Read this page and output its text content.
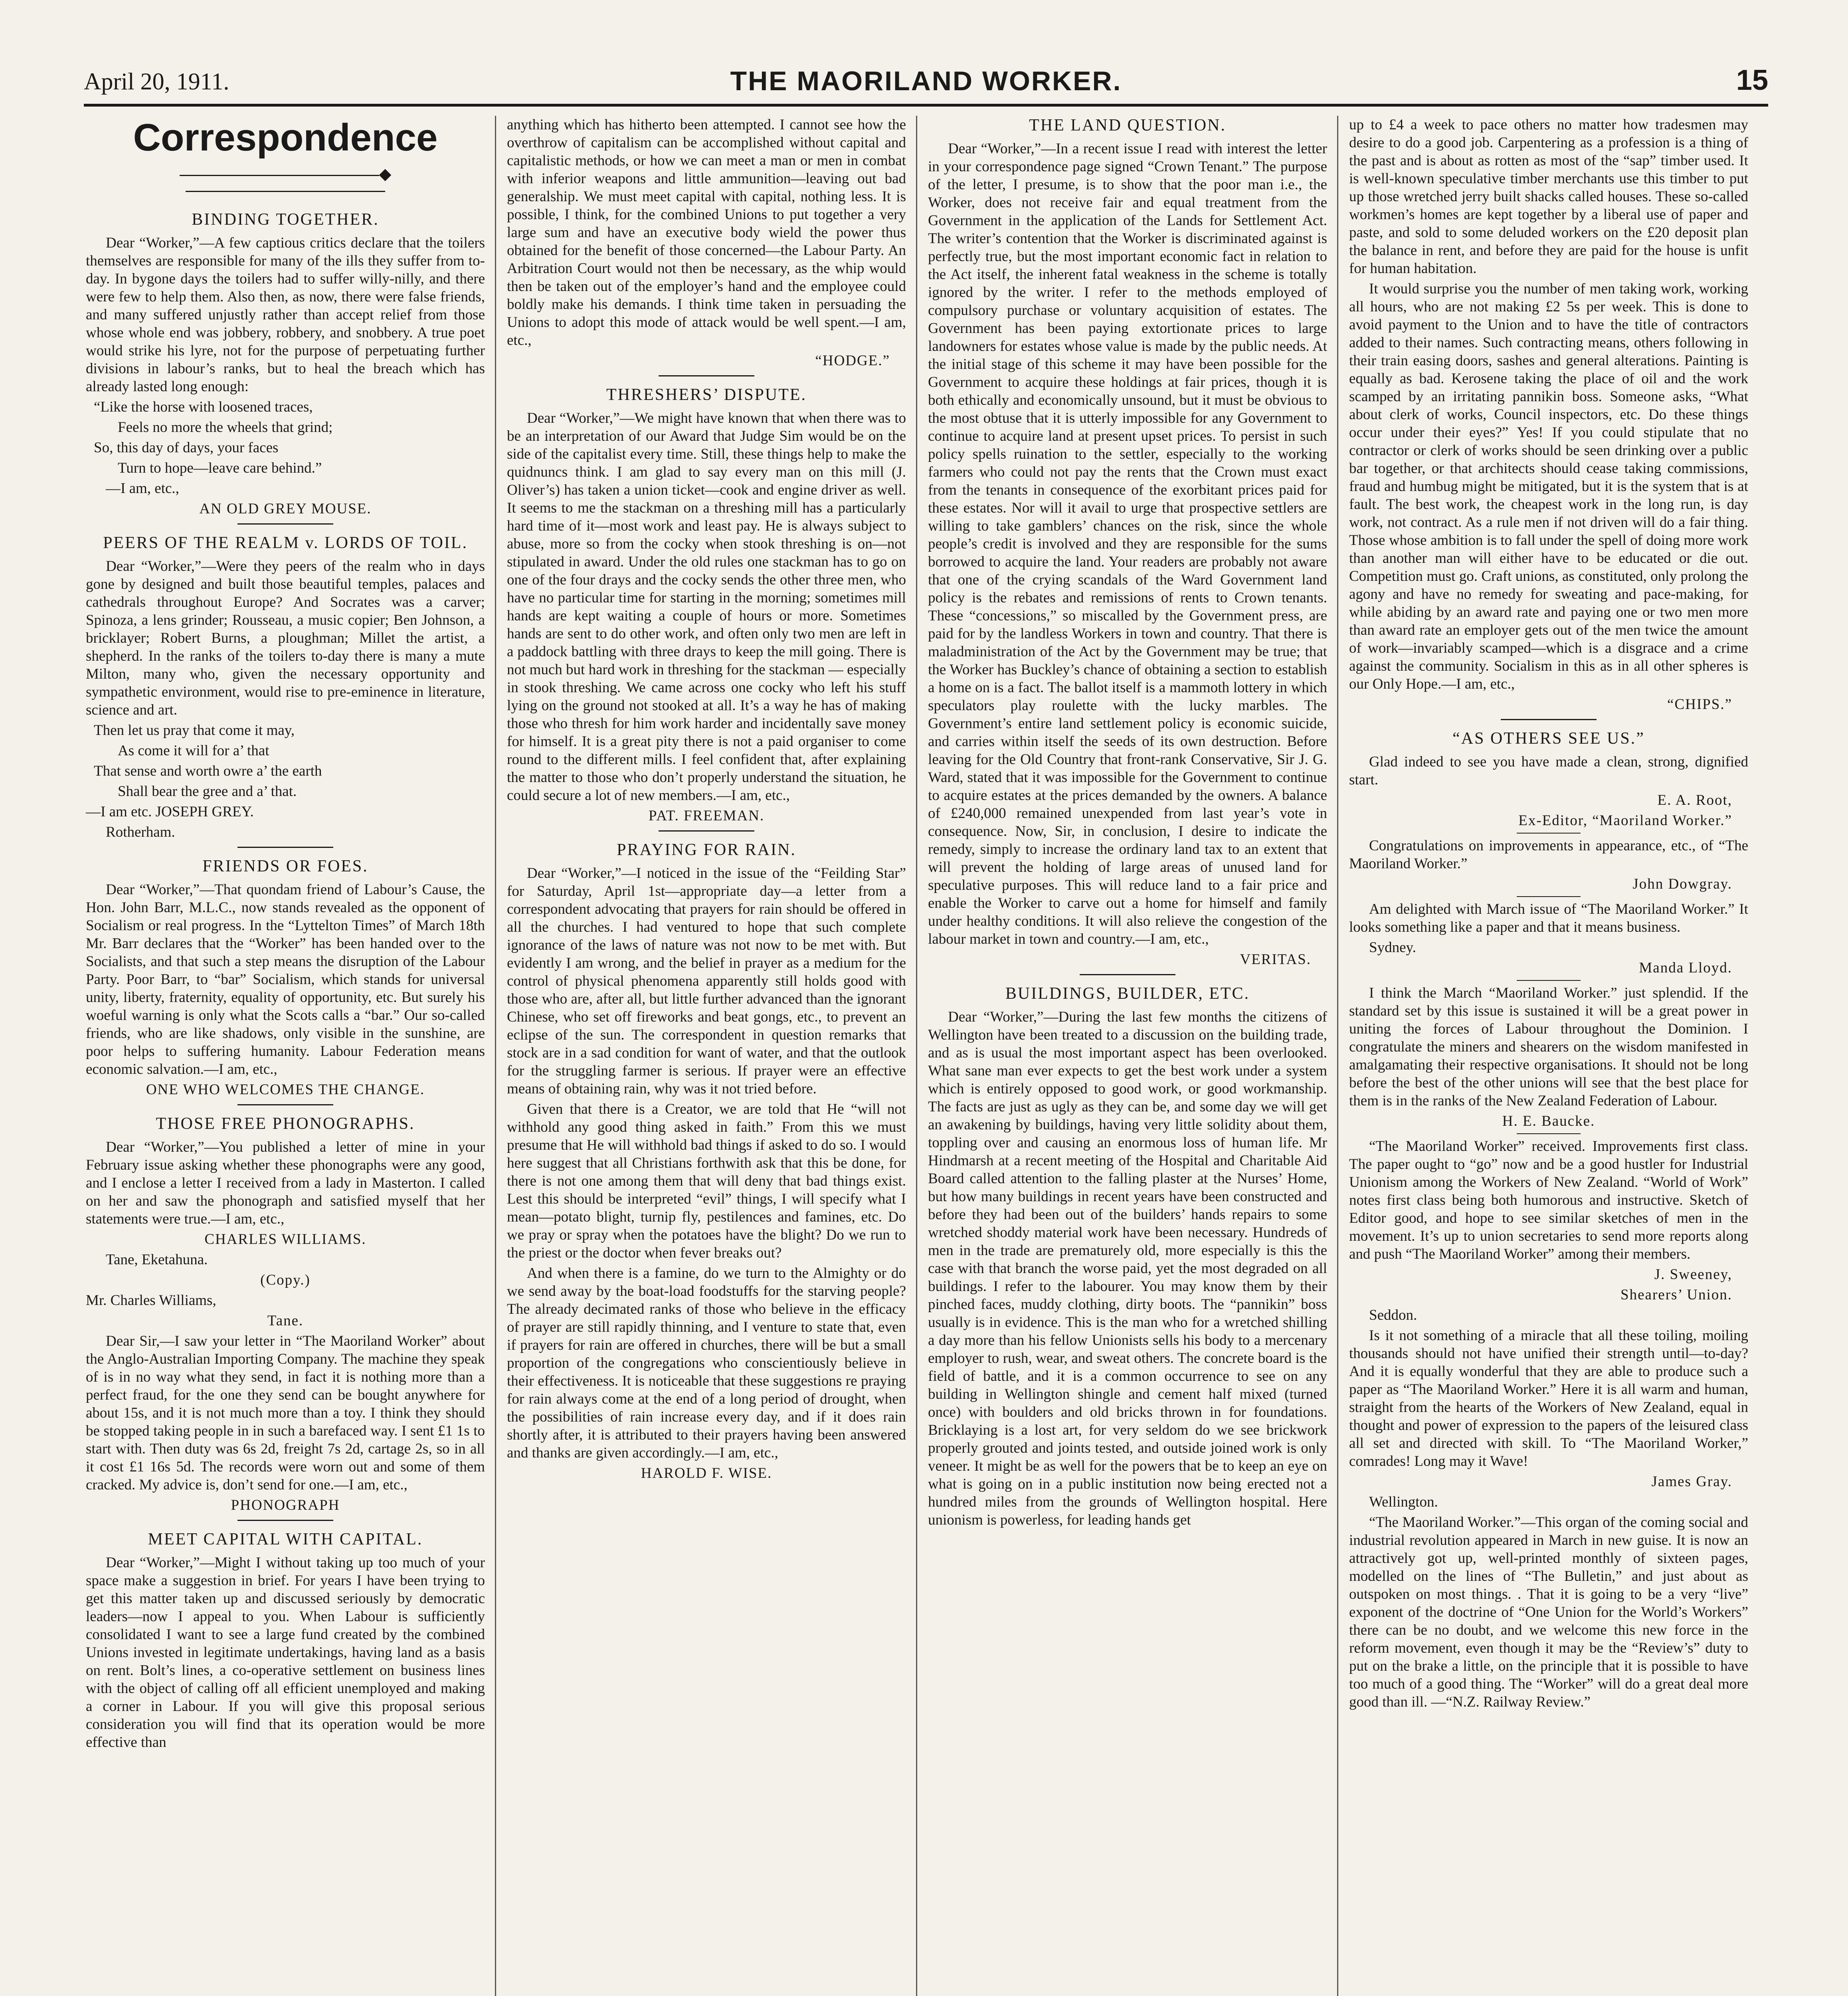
April 20, 1911.	THE MAORILAND WORKER.	15
Correspondence
◆
BINDING TOGETHER.

Dear “Worker,”—A few captious critics declare that the toilers themselves are responsible for many of the ills they suffer from to-day. In bygone days the toilers had to suffer willy-nilly, and there were few to help them. Also then, as now, there were false friends, and many suffered unjustly rather than accept relief from those whose whole end was jobbery, robbery, and snobbery. A true poet would strike his lyre, not for the purpose of perpetuating further divisions in labour’s ranks, but to heal the breach which has already lasted long enough:

“Like the horse with loosened traces,

Feels no more the wheels that grind;

So, this day of days, your faces

Turn to hope—leave care behind.”

—I am, etc.,

AN OLD GREY MOUSE.

PEERS OF THE REALM v. LORDS OF TOIL.

Dear “Worker,”—Were they peers of the realm who in days gone by designed and built those beautiful temples, palaces and cathedrals throughout Europe? And Socrates was a carver; Spinoza, a lens grinder; Rousseau, a music copier; Ben Johnson, a bricklayer; Robert Burns, a ploughman; Millet the artist, a shepherd. In the ranks of the toilers to-day there is many a mute Milton, many who, given the necessary opportunity and sympathetic environment, would rise to pre-eminence in literature, science and art.

Then let us pray that come it may,

As come it will for a’ that

That sense and worth owre a’ the earth

Shall bear the gree and a’ that.

—I am etc. JOSEPH GREY.

Rotherham.

FRIENDS OR FOES.

Dear “Worker,”—That quondam friend of Labour’s Cause, the Hon. John Barr, M.L.C., now stands revealed as the opponent of Socialism or real progress. In the “Lyttelton Times” of March 18th Mr. Barr declares that the “Worker” has been handed over to the Socialists, and that such a step means the disruption of the Labour Party. Poor Barr, to “bar” Socialism, which stands for universal unity, liberty, fraternity, equality of opportunity, etc. But surely his woeful warning is only what the Scots calls a “bar.” Our so-called friends, who are like shadows, only visible in the sunshine, are poor helps to suffering humanity. Labour Federation means economic salvation.—I am, etc.,

ONE WHO WELCOMES THE CHANGE.

THOSE FREE PHONOGRAPHS.

Dear “Worker,”—You published a letter of mine in your February issue asking whether these phonographs were any good, and I enclose a letter I received from a lady in Masterton. I called on her and saw the phonograph and satisfied myself that her statements were true.—I am, etc.,

CHARLES WILLIAMS.

Tane, Eketahuna.

(Copy.)

Mr. Charles Williams,

Tane.

Dear Sir,—I saw your letter in “The Maoriland Worker” about the Anglo-Australian Importing Company. The machine they speak of is in no way what they send, in fact it is nothing more than a perfect fraud, for the one they send can be bought anywhere for about 15s, and it is not much more than a toy. I think they should be stopped taking people in in such a barefaced way. I sent £1 1s to start with. Then duty was 6s 2d, freight 7s 2d, cartage 2s, so in all it cost £1 16s 5d. The records were worn out and some of them cracked. My advice is, don’t send for one.—I am, etc.,

PHONOGRAPH

MEET CAPITAL WITH CAPITAL.

Dear “Worker,”—Might I without taking up too much of your space make a suggestion in brief. For years I have been trying to get this matter taken up and discussed seriously by democratic leaders—now I appeal to you. When Labour is sufficiently consolidated I want to see a large fund created by the combined Unions invested in legitimate undertakings, having land as a basis on rent. Bolt’s lines, a co-operative settlement on business lines with the object of calling off all efficient unemployed and making a corner in Labour. If you will give this proposal serious consideration you will find that its operation would be more effective than

anything which has hitherto been attempted. I cannot see how the overthrow of capitalism can be accomplished without capital and capitalistic methods, or how we can meet a man or men in combat with inferior weapons and little ammunition—leaving out bad generalship. We must meet capital with capital, nothing less. It is possible, I think, for the combined Unions to put together a very large sum and have an executive body wield the power thus obtained for the benefit of those concerned—the Labour Party. An Arbitration Court would not then be necessary, as the whip would then be taken out of the employer’s hand and the employee could boldly make his demands. I think time taken in persuading the Unions to adopt this mode of attack would be well spent.—I am, etc.,

“HODGE.”

THRESHERS’ DISPUTE.

Dear “Worker,”—We might have known that when there was to be an interpretation of our Award that Judge Sim would be on the side of the capitalist every time. Still, these things help to make the quidnuncs think. I am glad to say every man on this mill (J. Oliver’s) has taken a union ticket—cook and engine driver as well. It seems to me the stackman on a threshing mill has a particularly hard time of it—most work and least pay. He is always subject to abuse, more so from the cocky when stook threshing is on—not stipulated in award. Under the old rules one stackman has to go on one of the four drays and the cocky sends the other three men, who have no particular time for starting in the morning; sometimes mill hands are kept waiting a couple of hours or more. Sometimes hands are sent to do other work, and often only two men are left in a paddock battling with three drays to keep the mill going. There is not much but hard work in threshing for the stackman — especially in stook threshing. We came across one cocky who left his stuff lying on the ground not stooked at all. It’s a way he has of making those who thresh for him work harder and incidentally save money for himself. It is a great pity there is not a paid organiser to come round to the different mills. I feel confident that, after explaining the matter to those who don’t properly understand the situation, he could secure a lot of new members.—I am, etc.,

PAT. FREEMAN.

PRAYING FOR RAIN.

Dear “Worker,”—I noticed in the issue of the “Feilding Star” for Saturday, April 1st—appropriate day—a letter from a correspondent advocating that prayers for rain should be offered in all the churches. I had ventured to hope that such complete ignorance of the laws of nature was not now to be met with. But evidently I am wrong, and the belief in prayer as a medium for the control of physical phenomena apparently still holds good with those who are, after all, but little further advanced than the ignorant Chinese, who set off fireworks and beat gongs, etc., to prevent an eclipse of the sun. The correspondent in question remarks that stock are in a sad condition for want of water, and that the outlook for the struggling farmer is serious. If prayer were an effective means of obtaining rain, why was it not tried before.

Given that there is a Creator, we are told that He “will not withhold any good thing asked in faith.” From this we must presume that He will withhold bad things if asked to do so. I would here suggest that all Christians forthwith ask that this be done, for there is not one among them that will deny that bad things exist. Lest this should be interpreted “evil” things, I will specify what I mean—potato blight, turnip fly, pestilences and famines, etc. Do we pray or spray when the potatoes have the blight? Do we run to the priest or the doctor when fever breaks out?

And when there is a famine, do we turn to the Almighty or do we send away by the boat-load foodstuffs for the starving people? The already decimated ranks of those who believe in the efficacy of prayer are still rapidly thinning, and I venture to state that, even if prayers for rain are offered in churches, there will be but a small proportion of the congregations who conscientiously believe in their effectiveness. It is noticeable that these suggestions re praying for rain always come at the end of a long period of drought, when the possibilities of rain increase every day, and if it does rain shortly after, it is attributed to their prayers having been answered and thanks are given accordingly.—I am, etc.,

HAROLD F. WISE.

THE LAND QUESTION.

Dear “Worker,”—In a recent issue I read with interest the letter in your correspondence page signed “Crown Tenant.” The purpose of the letter, I presume, is to show that the poor man i.e., the Worker, does not receive fair and equal treatment from the Government in the application of the Lands for Settlement Act. The writer’s contention that the Worker is discriminated against is perfectly true, but the most important economic fact in relation to the Act itself, the inherent fatal weakness in the scheme is totally ignored by the writer. I refer to the methods employed of compulsory purchase or voluntary acquisition of estates. The Government has been paying extortionate prices to large landowners for estates whose value is made by the public needs. At the initial stage of this scheme it may have been possible for the Government to acquire these holdings at fair prices, though it is both ethically and economically unsound, but it must be obvious to the most obtuse that it is utterly impossible for any Government to continue to acquire land at present upset prices. To persist in such policy spells ruination to the settler, especially to the working farmers who could not pay the rents that the Crown must exact from the tenants in consequence of the exorbitant prices paid for these estates. Nor will it avail to urge that prospective settlers are willing to take gamblers’ chances on the risk, since the whole people’s credit is involved and they are responsible for the sums borrowed to acquire the land. Your readers are probably not aware that one of the crying scandals of the Ward Government land policy is the rebates and remissions of rents to Crown tenants. These “concessions,” so miscalled by the Government press, are paid for by the landless Workers in town and country. That there is maladministration of the Act by the Government may be true; that the Worker has Buckley’s chance of obtaining a section to establish a home on is a fact. The ballot itself is a mammoth lottery in which speculators play roulette with the lucky marbles. The Government’s entire land settlement policy is economic suicide, and carries within itself the seeds of its own destruction. Before leaving for the Old Country that front-rank Conservative, Sir J. G. Ward, stated that it was impossible for the Government to continue to acquire estates at the prices demanded by the owners. A balance of £240,000 remained unexpended from last year’s vote in consequence. Now, Sir, in conclusion, I desire to indicate the remedy, simply to increase the ordinary land tax to an extent that will prevent the holding of large areas of unused land for speculative purposes. This will reduce land to a fair price and enable the Worker to carve out a home for himself and family under healthy conditions. It will also relieve the congestion of the labour market in town and country.—I am, etc.,

VERITAS.

BUILDINGS, BUILDER, ETC.

Dear “Worker,”—During the last few months the citizens of Wellington have been treated to a discussion on the building trade, and as is usual the most important aspect has been overlooked. What sane man ever expects to get the best work under a system which is entirely opposed to good work, or good workmanship. The facts are just as ugly as they can be, and some day we will get an awakening by buildings, having very little solidity about them, toppling over and causing an enormous loss of human life. Mr Hindmarsh at a recent meeting of the Hospital and Charitable Aid Board called attention to the falling plaster at the Nurses’ Home, but how many buildings in recent years have been constructed and before they had been out of the builders’ hands repairs to some wretched shoddy material work have been necessary. Hundreds of men in the trade are prematurely old, more especially is this the case with that branch the worse paid, yet the most degraded on all buildings. I refer to the labourer. You may know them by their pinched faces, muddy clothing, dirty boots. The “pannikin” boss usually is in evidence. This is the man who for a wretched shilling a day more than his fellow Unionists sells his body to a mercenary employer to rush, wear, and sweat others. The concrete board is the field of battle, and it is a common occurrence to see on any building in Wellington shingle and cement half mixed (turned once) with boulders and old bricks thrown in for foundations. Bricklaying is a lost art, for very seldom do we see brickwork properly grouted and joints tested, and outside joined work is only veneer. It might be as well for the powers that be to keep an eye on what is going on in a public institution now being erected not a hundred miles from the grounds of Wellington hospital. Here unionism is powerless, for leading hands get

up to £4 a week to pace others no matter how tradesmen may desire to do a good job. Carpentering as a profession is a thing of the past and is about as rotten as most of the “sap” timber used. It is well-known speculative timber merchants use this timber to put up those wretched jerry built shacks called houses. These so-called workmen’s homes are kept together by a liberal use of paper and paste, and sold to some deluded workers on the £20 deposit plan the balance in rent, and before they are paid for the house is unfit for human habitation.

It would surprise you the number of men taking work, working all hours, who are not making £2 5s per week. This is done to avoid payment to the Union and to have the title of contractors added to their names. Such contracting means, others following in their train easing doors, sashes and general alterations. Painting is equally as bad. Kerosene taking the place of oil and the work scamped by an irritating pannikin boss. Someone asks, “What about clerk of works, Council inspectors, etc. Do these things occur under their eyes?” Yes! If you could stipulate that no contractor or clerk of works should be seen drinking over a public bar together, or that architects should cease taking commissions, fraud and humbug might be mitigated, but it is the system that is at fault. The best work, the cheapest work in the long run, is day work, not contract. As a rule men if not driven will do a fair thing. Those whose ambition is to fall under the spell of doing more work than another man will either have to be educated or die out. Competition must go. Craft unions, as constituted, only prolong the agony and have no remedy for sweating and pace-making, for while abiding by an award rate and paying one or two men more than award rate an employer gets out of the men twice the amount of work—invariably scamped—which is a disgrace and a crime against the community. Socialism in this as in all other spheres is our Only Hope.—I am, etc.,

“CHIPS.”

“AS OTHERS SEE US.”

Glad indeed to see you have made a clean, strong, dignified start.

E. A. Root,

Ex-Editor, “Maoriland Worker.”

Congratulations on improvements in appearance, etc., of “The Maoriland Worker.”

John Dowgray.

Am delighted with March issue of “The Maoriland Worker.” It looks something like a paper and that it means business.

Sydney.

Manda Lloyd.

I think the March “Maoriland Worker.” just splendid. If the standard set by this issue is sustained it will be a great power in uniting the forces of Labour throughout the Dominion. I congratulate the miners and shearers on the wisdom manifested in amalgamating their respective organisations. It should not be long before the best of the other unions will see that the best place for them is in the ranks of the New Zealand Federation of Labour.

H. E. Baucke.

“The Maoriland Worker” received. Improvements first class. The paper ought to “go” now and be a good hustler for Industrial Unionism among the Workers of New Zealand. “World of Work” notes first class being both humorous and instructive. Sketch of Editor good, and hope to see similar sketches of men in the movement. It’s up to union secretaries to send more reports along and push “The Maoriland Worker” among their members.

J. Sweeney,

Shearers’ Union.

Seddon.

Is it not something of a miracle that all these toiling, moiling thousands should not have unified their strength until—to-day? And it is equally wonderful that they are able to produce such a paper as “The Maoriland Worker.” Here it is all warm and human, straight from the hearts of the Workers of New Zealand, equal in thought and power of expression to the papers of the leisured class all set and directed with skill. To “The Maoriland Worker,” comrades! Long may it Wave!

James Gray.

Wellington.

“The Maoriland Worker.”—This organ of the coming social and industrial revolution appeared in March in new guise. It is now an attractively got up, well-printed monthly of sixteen pages, modelled on the lines of “The Bulletin,” and just about as outspoken on most things. . That it is going to be a very “live” exponent of the doctrine of “One Union for the World’s Workers” there can be no doubt, and we welcome this new force in the reform movement, even though it may be the “Review’s” duty to put on the brake a little, on the principle that it is possible to have too much of a good thing. The “Worker” will do a great deal more good than ill. —“N.Z. Railway Review.”
